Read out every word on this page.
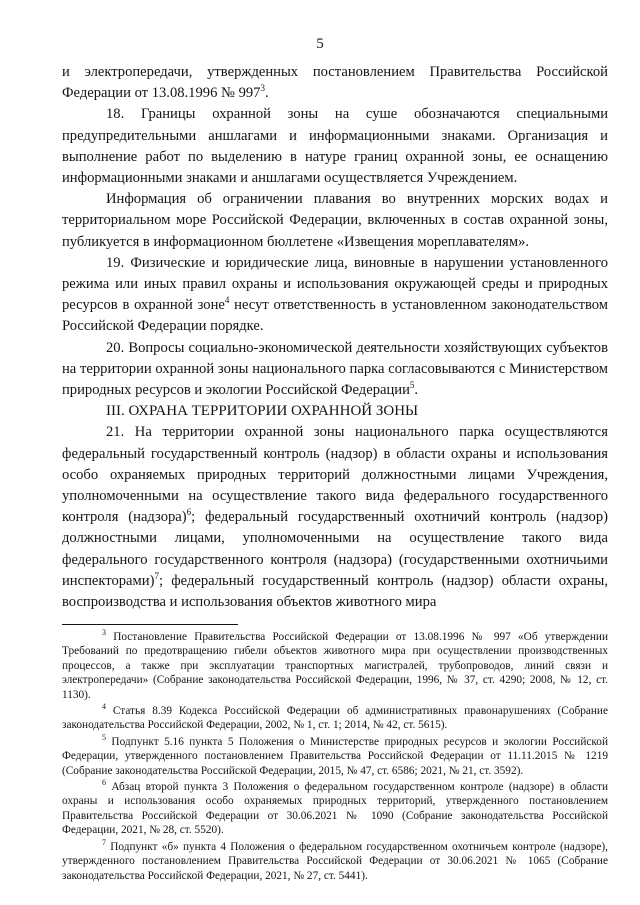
5

и электропередачи, утвержденных постановлением Правительства Российской Федерации от 13.08.1996 № $997^3$.

18. Границы охранной зоны на суше обозначаются специальными предупредительными аншлагами и информационными знаками. Организация и выполнение работ по выделению в натуре границ охранной зоны, ее оснащению информационными знаками и аншлагами осуществляется Учреждением.

Информация об ограничении плавания во внутренних морских водах и территориальном море Российской Федерации, включенных в состав охранной зоны, публикуется в информационном бюллетене «Извещения мореплавателям».

19. Физические и юридические лица, виновные в нарушении установленного режима или иных правил охраны и использования окружающей среды и природных ресурсов в охранной зоне$^4$ несут ответственность в установленном законодательством Российской Федерации порядке.

20. Вопросы социально-экономической деятельности хозяйствующих субъектов на территории охранной зоны национального парка согласовываются с Министерством природных ресурсов и экологии Российской Федерации$^5$.

III. ОХРАНА ТЕРРИТОРИИ ОХРАННОЙ ЗОНЫ

21. На территории охранной зоны национального парка осуществляются федеральный государственный контроль (надзор) в области охраны и использования особо охраняемых природных территорий должностными лицами Учреждения, уполномоченными на осуществление такого вида федерального государственного контроля (надзора)$^6$; федеральный государственный охотничий контроль (надзор) должностными лицами, уполномоченными на осуществление такого вида федерального государственного контроля (надзора) (государственными охотничьими инспекторами)$^7$; федеральный государственный контроль (надзор) области охраны, воспроизводства и использования объектов животного мира

$^3$ Постановление Правительства Российской Федерации от 13.08.1996 № 997 «Об утверждении Требований по предотвращению гибели объектов животного мира при осуществлении производственных процессов, а также при эксплуатации транспортных магистралей, трубопроводов, линий связи и электропередачи» (Собрание законодательства Российской Федерации, 1996, № 37, ст. 4290; 2008, № 12, ст. 1130).

$^4$ Статья 8.39 Кодекса Российской Федерации об административных правонарушениях (Собрание законодательства Российской Федерации, 2002, № 1, ст. 1; 2014, № 42, ст. 5615).

$^5$ Подпункт 5.16 пункта 5 Положения о Министерстве природных ресурсов и экологии Российской Федерации, утвержденного постановлением Правительства Российской Федерации от 11.11.2015 № 1219 (Собрание законодательства Российской Федерации, 2015, № 47, ст. 6586; 2021, № 21, ст. 3592).

$^6$ Абзац второй пункта 3 Положения о федеральном государственном контроле (надзоре) в области охраны и использования особо охраняемых природных территорий, утвержденного постановлением Правительства Российской Федерации от 30.06.2021 № 1090 (Собрание законодательства Российской Федерации, 2021, № 28, ст. 5520).

$^7$ Подпункт «б» пункта 4 Положения о федеральном государственном охотничьем контроле (надзоре), утвержденного постановлением Правительства Российской Федерации от 30.06.2021 № 1065 (Собрание законодательства Российской Федерации, 2021, № 27, ст. 5441).
